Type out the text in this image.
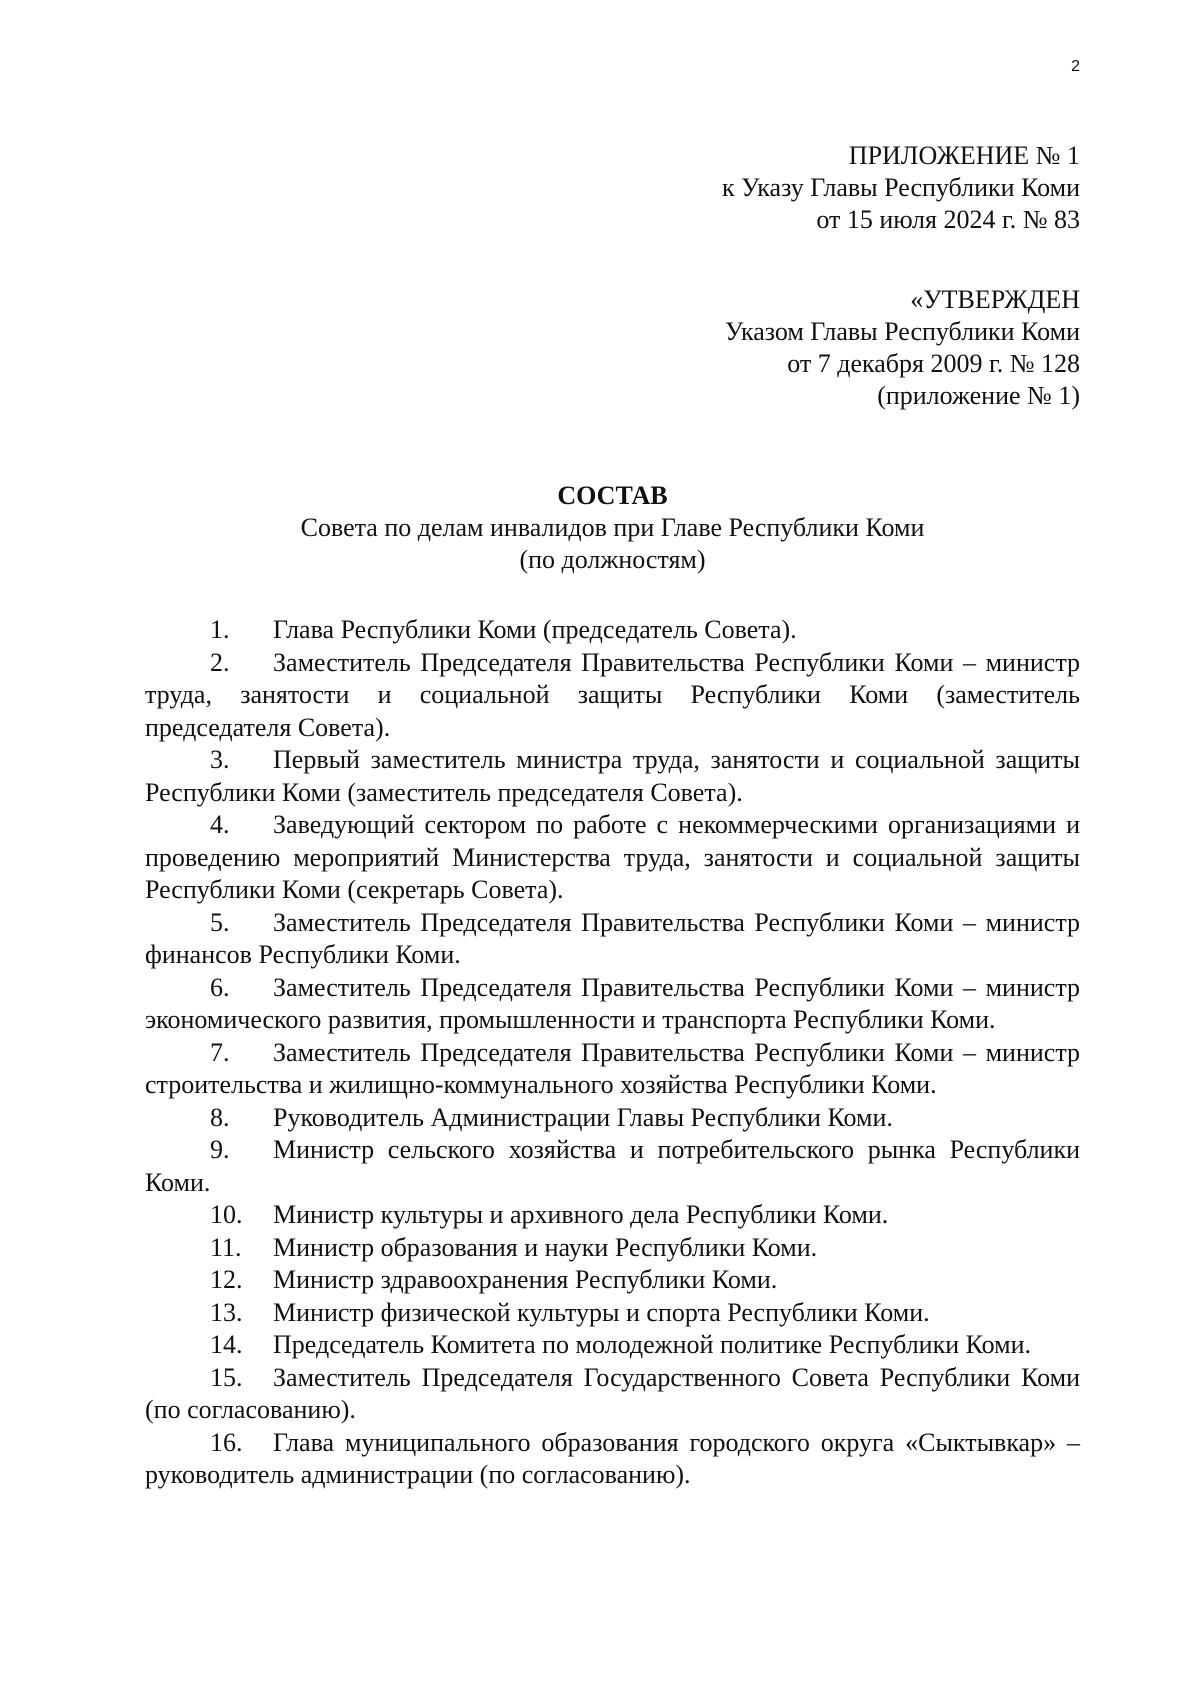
2
ПРИЛОЖЕНИЕ № 1
к Указу Главы Республики Коми
от 15 июля 2024 г. № 83
«УТВЕРЖДЕН
Указом Главы Республики Коми
от 7 декабря 2009 г. № 128
(приложение № 1)
СОСТАВ
Совета по делам инвалидов при Главе Республики Коми
(по должностям)

1. Глава Республики Коми (председатель Совета).

2. Заместитель Председателя Правительства Республики Коми – министр труда, занятости и социальной защиты Республики Коми (заместитель председателя Совета).

3. Первый заместитель министра труда, занятости и социальной защиты Республики Коми (заместитель председателя Совета).

4. Заведующий сектором по работе с некоммерческими организациями и проведению мероприятий Министерства труда, занятости и социальной защиты Республики Коми (секретарь Совета).

5. Заместитель Председателя Правительства Республики Коми – министр финансов Республики Коми.

6. Заместитель Председателя Правительства Республики Коми – министр экономического развития, промышленности и транспорта Республики Коми.

7. Заместитель Председателя Правительства Республики Коми – министр строительства и жилищно-коммунального хозяйства Республики Коми.

8. Руководитель Администрации Главы Республики Коми.

9. Министр сельского хозяйства и потребительского рынка Республики Коми.

10. Министр культуры и архивного дела Республики Коми.

11. Министр образования и науки Республики Коми.

12. Министр здравоохранения Республики Коми.

13. Министр физической культуры и спорта Республики Коми.

14. Председатель Комитета по молодежной политике Республики Коми.

15. Заместитель Председателя Государственного Совета Республики Коми (по согласованию).

16. Глава муниципального образования городского округа «Сыктывкар» – руководитель администрации (по согласованию).
